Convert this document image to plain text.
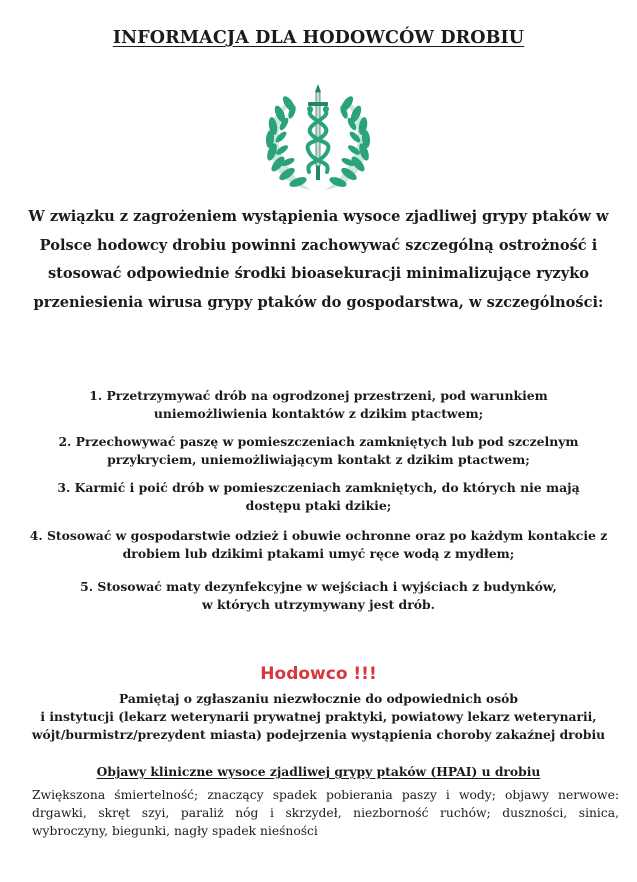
INFORMACJA DLA HODOWCÓW DROBIU

W związku z zagrożeniem wystąpienia wysoce zjadliwej grypy ptaków w Polsce hodowcy drobiu powinni zachowywać szczególną ostrożność i stosować odpowiednie środki bioasekuracji minimalizujące ryzyko przeniesienia wirusa grypy ptaków do gospodarstwa, w szczególności:

1. Przetrzymywać drób na ogrodzonej przestrzeni, pod warunkiem
uniemożliwienia kontaktów z dzikim ptactwem;
2. Przechowywać paszę w pomieszczeniach zamkniętych lub pod szczelnym
przykryciem, uniemożliwiającym kontakt z dzikim ptactwem;
3. Karmić i poić drób w pomieszczeniach zamkniętych, do których nie mają
dostępu ptaki dzikie;
4. Stosować w gospodarstwie odzież i obuwie ochronne oraz po każdym kontakcie z
drobiem lub dzikimi ptakami umyć ręce wodą z mydłem;
5. Stosować maty dezynfekcyjne w wejściach i wyjściach z budynków,
w których utrzymywany jest drób.
Hodowco !!!
Pamiętaj o zgłaszaniu niezwłocznie do odpowiednich osób
i instytucji (lekarz weterynarii prywatnej praktyki, powiatowy lekarz weterynarii,
wójt/burmistrz/prezydent miasta) podejrzenia wystąpienia choroby zakaźnej drobiu
Objawy kliniczne wysoce zjadliwej grypy ptaków (HPAI) u drobiu

Zwiększona śmiertelność; znaczący spadek pobierania paszy i wody; objawy nerwowe: drgawki, skręt szyi, paraliż nóg i skrzydeł, niezborność ruchów; duszności, sinica, wybroczyny, biegunki, nagły spadek nieśności
